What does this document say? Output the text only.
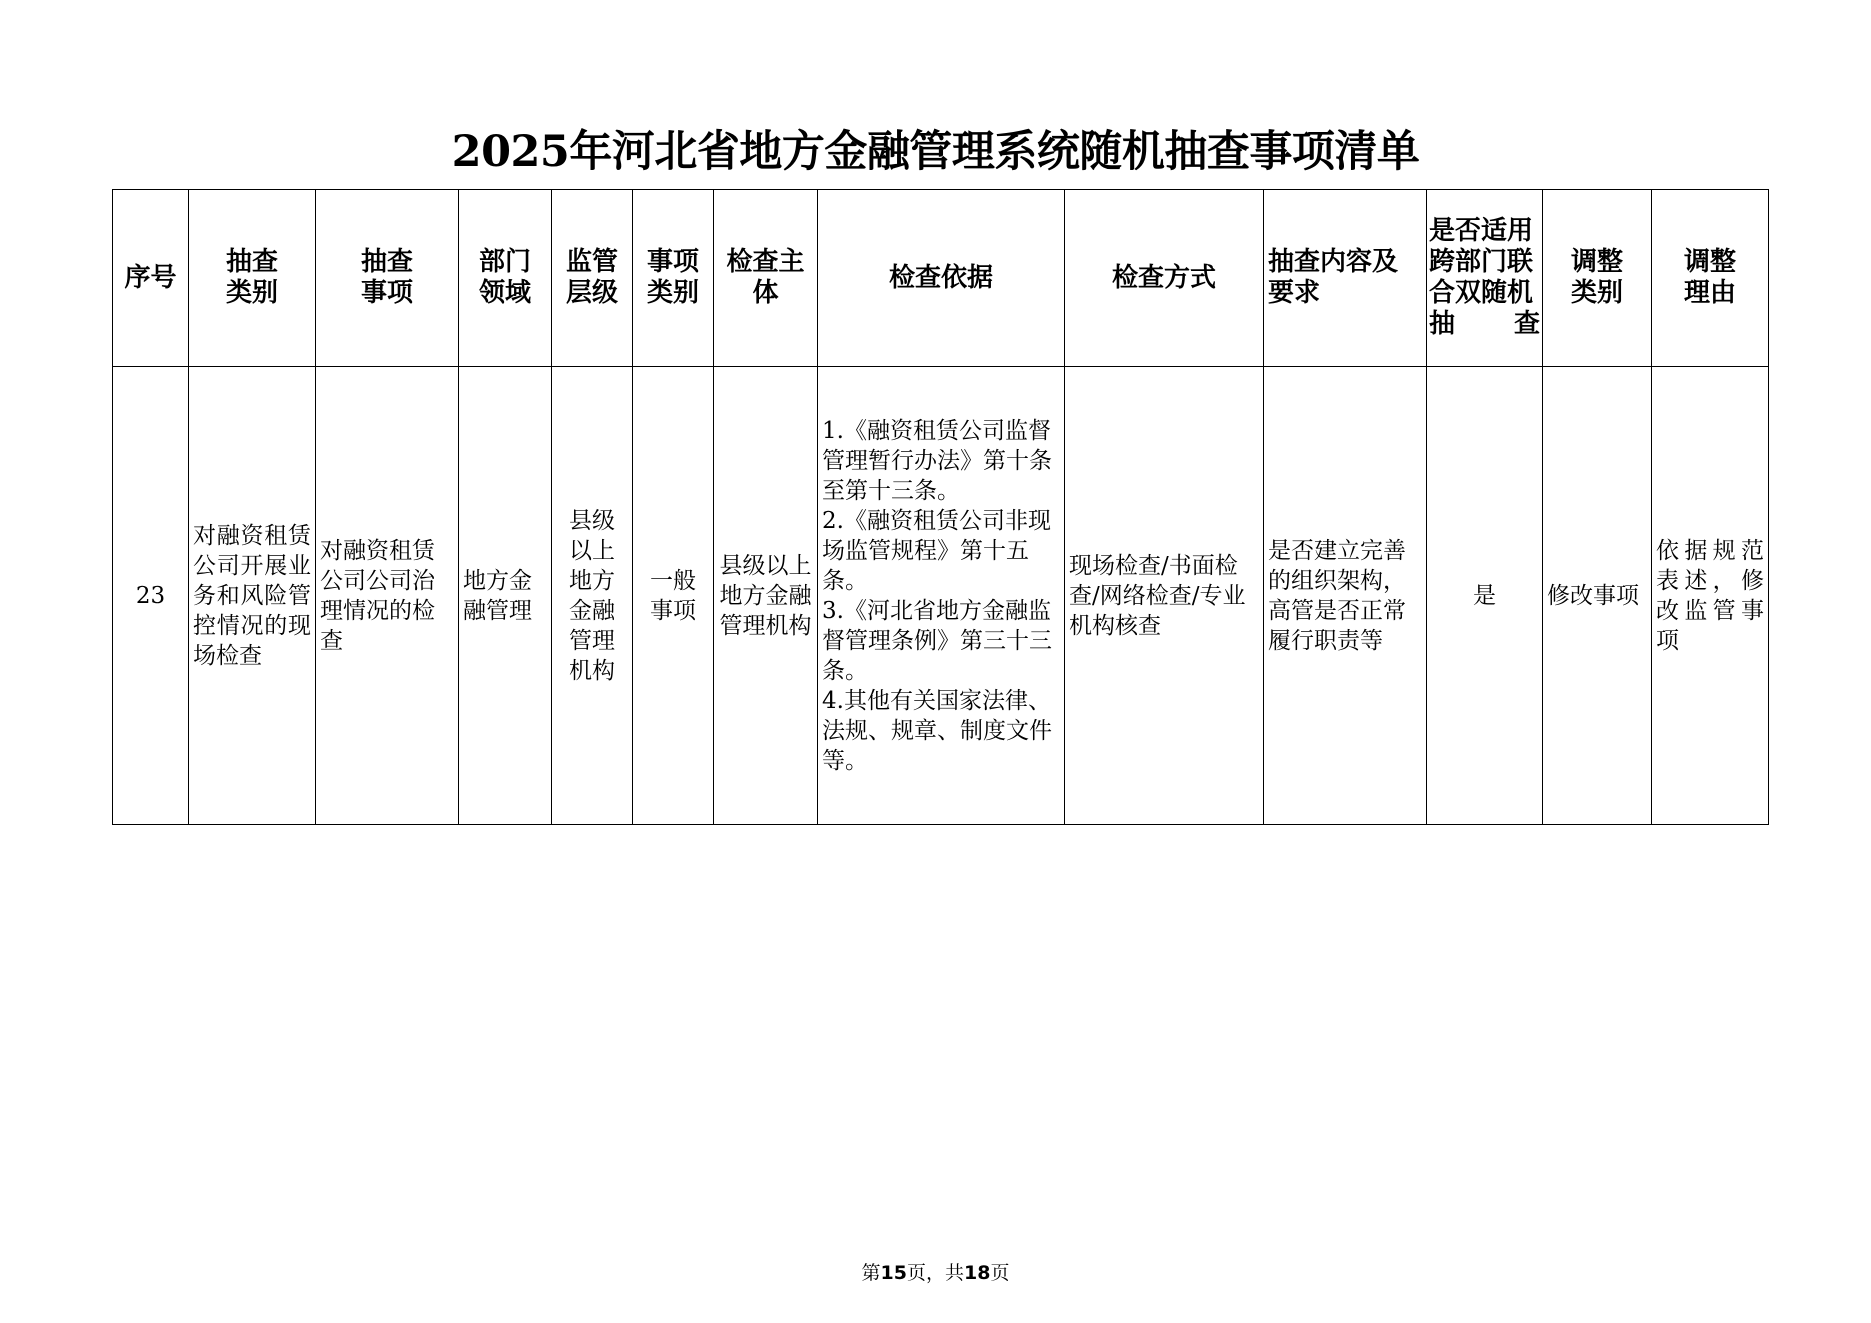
2025年河北省地方金融管理系统随机抽查事项清单
序号	抽查类别	抽查事项	部门领域	监管层级	事项类别	检查主体	检查依据	检查方式	抽查内容及要求	是否适用跨部门联合双随机抽查	调整类别	调整理由
23	对融资租赁公司开展业务和风险管控情况的现场检查	对融资租赁公司公司治理情况的检查	地方金融管理	县级以上地方金融管理机构	一般事项	县级以上地方金融管理机构	1.《融资租赁公司监督管理暂行办法》第十条至第十三条。
2.《融资租赁公司非现场监管规程》第十五条。
3.《河北省地方金融监督管理条例》第三十三条。
4.其他有关国家法律、法规、规章、制度文件等。	现场检查/书面检查/网络检查/专业机构核查	是否建立完善的组织架构，高管是否正常履行职责等	是	修改事项	依据规范表述，修改监管事项
第15页，共18页
